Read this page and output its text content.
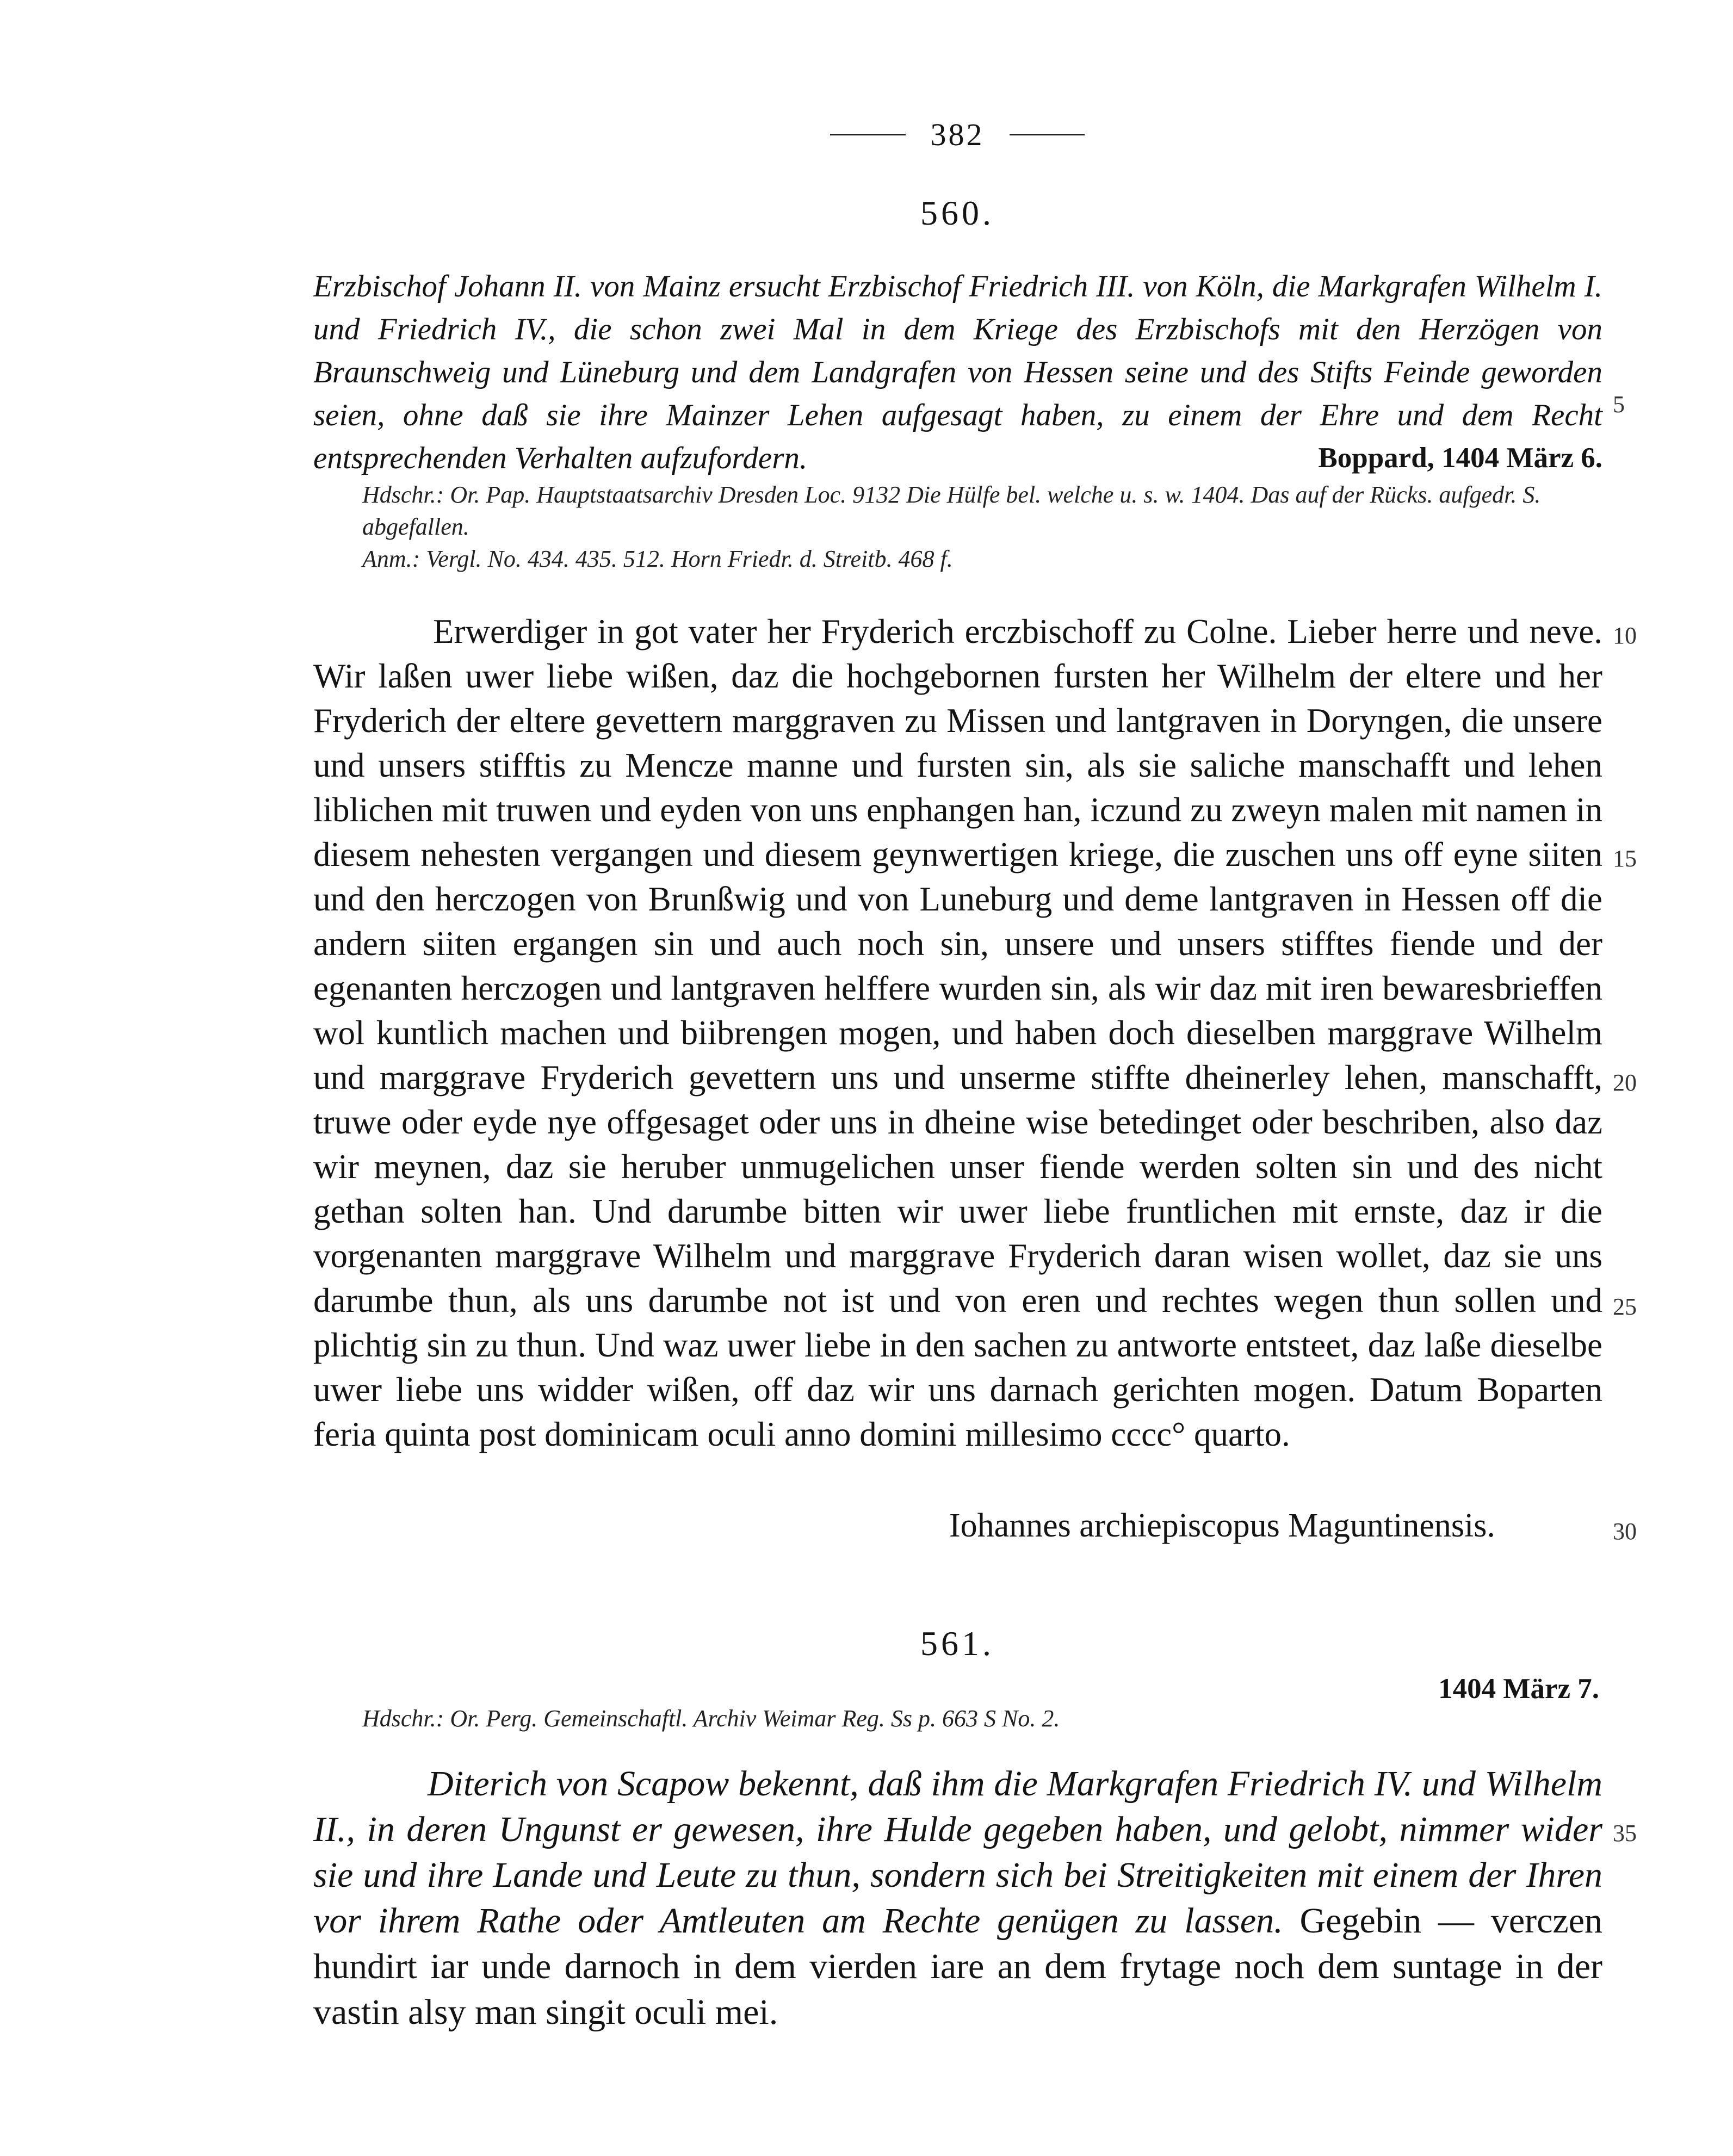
382
560.

Erzbischof Johann II. von Mainz ersucht Erzbischof Friedrich III. von Köln, die Markgrafen Wilhelm I. und Friedrich IV., die schon zwei Mal in dem Kriege des Erzbischofs mit den Herzögen von Braunschweig und Lüneburg und dem Landgrafen von Hessen seine und des Stifts Feinde geworden seien, ohne daß sie ihre Mainzer Lehen aufgesagt haben, zu einem der Ehre und dem Recht entsprechenden Verhalten aufzufordern.	Boppard, 1404 März 6.

Hdschr.: Or. Pap. Hauptstaatsarchiv Dresden Loc. 9132 Die Hülfe bel. welche u. s. w. 1404. Das auf der Rücks. aufgedr. S. abgefallen.

Anm.: Vergl. No. 434. 435. 512. Horn Friedr. d. Streitb. 468 f.

Erwerdiger in got vater her Fryderich erczbischoff zu Colne. Lieber herre und neve. Wir laßen uwer liebe wißen, daz die hochgebornen fursten her Wilhelm der eltere und her Fryderich der eltere gevettern marggraven zu Missen und lantgraven in Doryngen, die unsere und unsers stifftis zu Mencze manne und fursten sin, als sie saliche manschafft und lehen liblichen mit truwen und eyden von uns enphangen han, iczund zu zweyn malen mit namen in diesem nehesten vergangen und diesem geynwertigen kriege, die zuschen uns off eyne siiten und den herczogen von Brunßwig und von Luneburg und deme lantgraven in Hessen off die andern siiten ergangen sin und auch noch sin, unsere und unsers stifftes fiende und der egenanten herczogen und lantgraven helffere wurden sin, als wir daz mit iren bewaresbrieffen wol kuntlich machen und biibrengen mogen, und haben doch dieselben marggrave Wilhelm und marggrave Fryderich gevettern uns und unserme stiffte dheinerley lehen, manschafft, truwe oder eyde nye offgesaget oder uns in dheine wise betedinget oder beschriben, also daz wir meynen, daz sie heruber unmugelichen unser fiende werden solten sin und des nicht gethan solten han. Und darumbe bitten wir uwer liebe fruntlichen mit ernste, daz ir die vorgenanten marggrave Wilhelm und marggrave Fryderich daran wisen wollet, daz sie uns darumbe thun, als uns darumbe not ist und von eren und rechtes wegen thun sollen und plichtig sin zu thun. Und waz uwer liebe in den sachen zu antworte entsteet, daz laße dieselbe uwer liebe uns widder wißen, off daz wir uns darnach gerichten mogen. Datum Boparten feria quinta post dominicam oculi anno domini millesimo cccc° quarto.

Iohannes archiepiscopus Maguntinensis.
561.
1404 März 7.

Hdschr.: Or. Perg. Gemeinschaftl. Archiv Weimar Reg. Ss p. 663 S No. 2.

Diterich von Scapow bekennt, daß ihm die Markgrafen Friedrich IV. und Wilhelm II., in deren Ungunst er gewesen, ihre Hulde gegeben haben, und gelobt, nimmer wider sie und ihre Lande und Leute zu thun, sondern sich bei Streitigkeiten mit einem der Ihren vor ihrem Rathe oder Amtleuten am Rechte genügen zu lassen. Gegebin — verczen hundirt iar unde darnoch in dem vierden iare an dem frytage noch dem suntage in der vastin alsy man singit oculi mei.

5
10
15
20
25
30
35
